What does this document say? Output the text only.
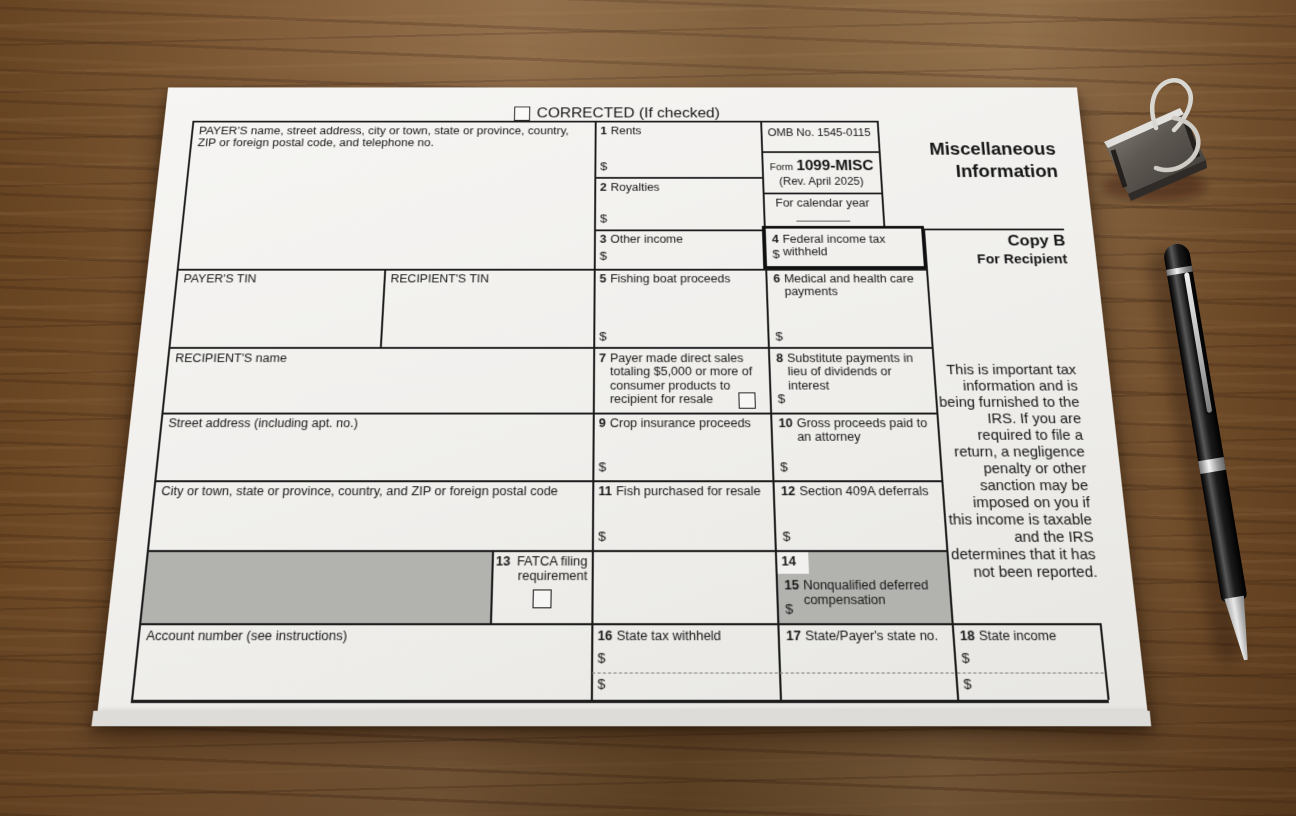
CORRECTED (If checked)
OMB No. 1545-0115
Form 1099-MISC
(Rev. April 2025)
For calendar year
Miscellaneous
Information
Copy B
For Recipient
This is important tax information and is being furnished to the IRS. If you are required to file a return, a negligence penalty or other sanction may be imposed on you if this income is taxable and the IRS determines that it has not been reported.
PAYER’S name, street address, city or town, state or province, country, ZIP or foreign postal code, and telephone no.
PAYER'S TIN	RECIPIENT'S TIN
RECIPIENT'S name
Street address (including apt. no.)
City or town, state or province, country, and ZIP or foreign postal code
Account number (see instructions)
1 Rents
$
2 Royalties
$
3 Other income
$
4 Federal income tax withheld
$
5 Fishing boat proceeds
$
6 Medical and health care payments
$
7 Payer made direct sales totaling $5,000 or more of consumer products to recipient for resale
8 Substitute payments in lieu of dividends or interest
$
9 Crop insurance proceeds
$
10 Gross proceeds paid to an attorney
$
11 Fish purchased for resale
$
12 Section 409A deferrals
$
13 FATCA filing requirement
14
15 Nonqualified deferred compensation
$
16 State tax withheld
$
$
17 State/Payer's state no. 18 State income
$
$
